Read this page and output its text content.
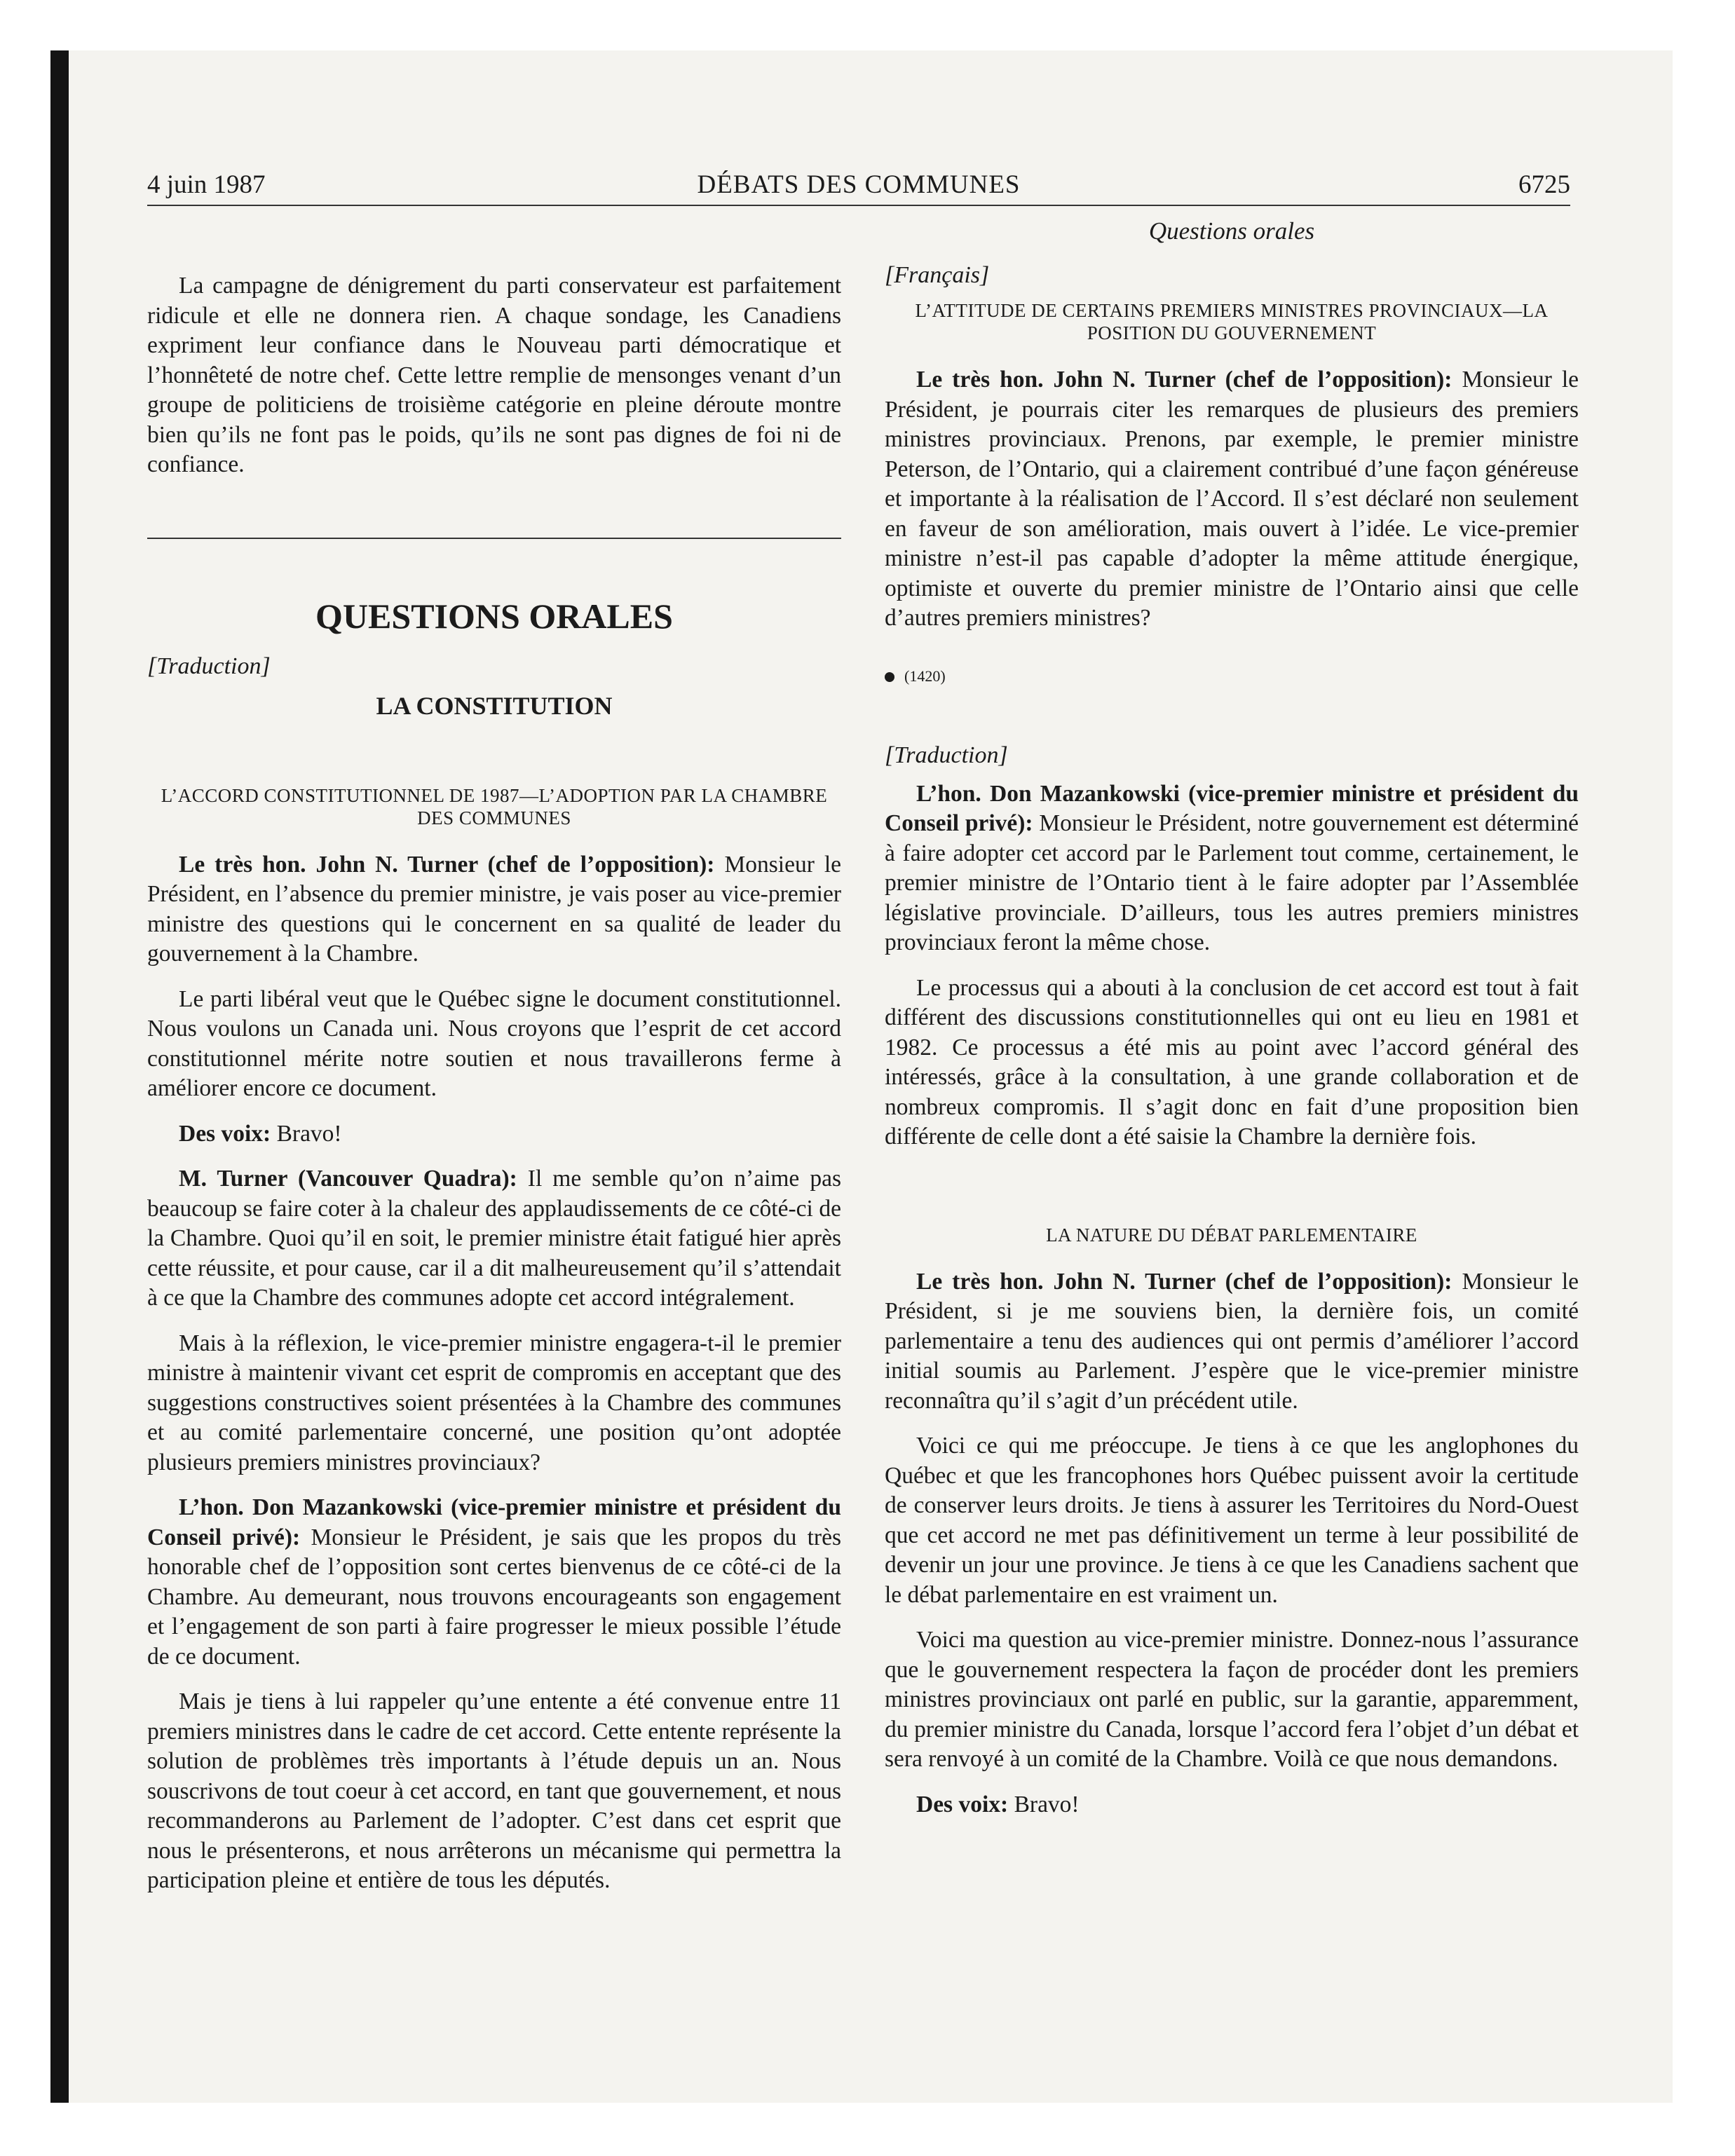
4 juin 1987	DÉBATS DES COMMUNES	6725

La campagne de dénigrement du parti conservateur est parfaitement ridicule et elle ne donnera rien. A chaque sondage, les Canadiens expriment leur confiance dans le Nouveau parti démocratique et l’honnêteté de notre chef. Cette lettre remplie de mensonges venant d’un groupe de politiciens de troisième catégorie en pleine déroute montre bien qu’ils ne font pas le poids, qu’ils ne sont pas dignes de foi ni de confiance.

QUESTIONS ORALES
[Traduction]
LA CONSTITUTION
L’ACCORD CONSTITUTIONNEL DE 1987—L’ADOPTION PAR LA CHAMBRE DES COMMUNES

Le très hon. John N. Turner (chef de l’opposition): Monsieur le Président, en l’absence du premier ministre, je vais poser au vice-premier ministre des questions qui le concernent en sa qualité de leader du gouvernement à la Chambre.

Le parti libéral veut que le Québec signe le document constitutionnel. Nous voulons un Canada uni. Nous croyons que l’esprit de cet accord constitutionnel mérite notre soutien et nous travaillerons ferme à améliorer encore ce document.

Des voix: Bravo!

M. Turner (Vancouver Quadra): Il me semble qu’on n’aime pas beaucoup se faire coter à la chaleur des applaudissements de ce côté-ci de la Chambre. Quoi qu’il en soit, le premier ministre était fatigué hier après cette réussite, et pour cause, car il a dit malheureusement qu’il s’attendait à ce que la Chambre des communes adopte cet accord intégralement.

Mais à la réflexion, le vice-premier ministre engagera-t-il le premier ministre à maintenir vivant cet esprit de compromis en acceptant que des suggestions constructives soient présentées à la Chambre des communes et au comité parlementaire concerné, une position qu’ont adoptée plusieurs premiers ministres provinciaux?

L’hon. Don Mazankowski (vice-premier ministre et président du Conseil privé): Monsieur le Président, je sais que les propos du très honorable chef de l’opposition sont certes bienvenus de ce côté-ci de la Chambre. Au demeurant, nous trouvons encourageants son engagement et l’engagement de son parti à faire progresser le mieux possible l’étude de ce document.

Mais je tiens à lui rappeler qu’une entente a été convenue entre 11 premiers ministres dans le cadre de cet accord. Cette entente représente la solution de problèmes très importants à l’étude depuis un an. Nous souscrivons de tout coeur à cet accord, en tant que gouvernement, et nous recommanderons au Parlement de l’adopter. C’est dans cet esprit que nous le présenterons, et nous arrêterons un mécanisme qui permettra la participation pleine et entière de tous les députés.

Questions orales
[Français]
L’ATTITUDE DE CERTAINS PREMIERS MINISTRES PROVINCIAUX—LA POSITION DU GOUVERNEMENT

Le très hon. John N. Turner (chef de l’opposition): Monsieur le Président, je pourrais citer les remarques de plusieurs des premiers ministres provinciaux. Prenons, par exemple, le premier ministre Peterson, de l’Ontario, qui a clairement contribué d’une façon généreuse et importante à la réalisation de l’Accord. Il s’est déclaré non seulement en faveur de son amélioration, mais ouvert à l’idée. Le vice-premier ministre n’est-il pas capable d’adopter la même attitude énergique, optimiste et ouverte du premier ministre de l’Ontario ainsi que celle d’autres premiers ministres?

(1420)
[Traduction]

L’hon. Don Mazankowski (vice-premier ministre et président du Conseil privé): Monsieur le Président, notre gouvernement est déterminé à faire adopter cet accord par le Parlement tout comme, certainement, le premier ministre de l’Ontario tient à le faire adopter par l’Assemblée législative provinciale. D’ailleurs, tous les autres premiers ministres provinciaux feront la même chose.

Le processus qui a abouti à la conclusion de cet accord est tout à fait différent des discussions constitutionnelles qui ont eu lieu en 1981 et 1982. Ce processus a été mis au point avec l’accord général des intéressés, grâce à la consultation, à une grande collaboration et de nombreux compromis. Il s’agit donc en fait d’une proposition bien différente de celle dont a été saisie la Chambre la dernière fois.

LA NATURE DU DÉBAT PARLEMENTAIRE

Le très hon. John N. Turner (chef de l’opposition): Monsieur le Président, si je me souviens bien, la dernière fois, un comité parlementaire a tenu des audiences qui ont permis d’améliorer l’accord initial soumis au Parlement. J’espère que le vice-premier ministre reconnaîtra qu’il s’agit d’un précédent utile.

Voici ce qui me préoccupe. Je tiens à ce que les anglophones du Québec et que les francophones hors Québec puissent avoir la certitude de conserver leurs droits. Je tiens à assurer les Territoires du Nord-Ouest que cet accord ne met pas définitivement un terme à leur possibilité de devenir un jour une province. Je tiens à ce que les Canadiens sachent que le débat parlementaire en est vraiment un.

Voici ma question au vice-premier ministre. Donnez-nous l’assurance que le gouvernement respectera la façon de procéder dont les premiers ministres provinciaux ont parlé en public, sur la garantie, apparemment, du premier ministre du Canada, lorsque l’accord fera l’objet d’un débat et sera renvoyé à un comité de la Chambre. Voilà ce que nous demandons.

Des voix: Bravo!
